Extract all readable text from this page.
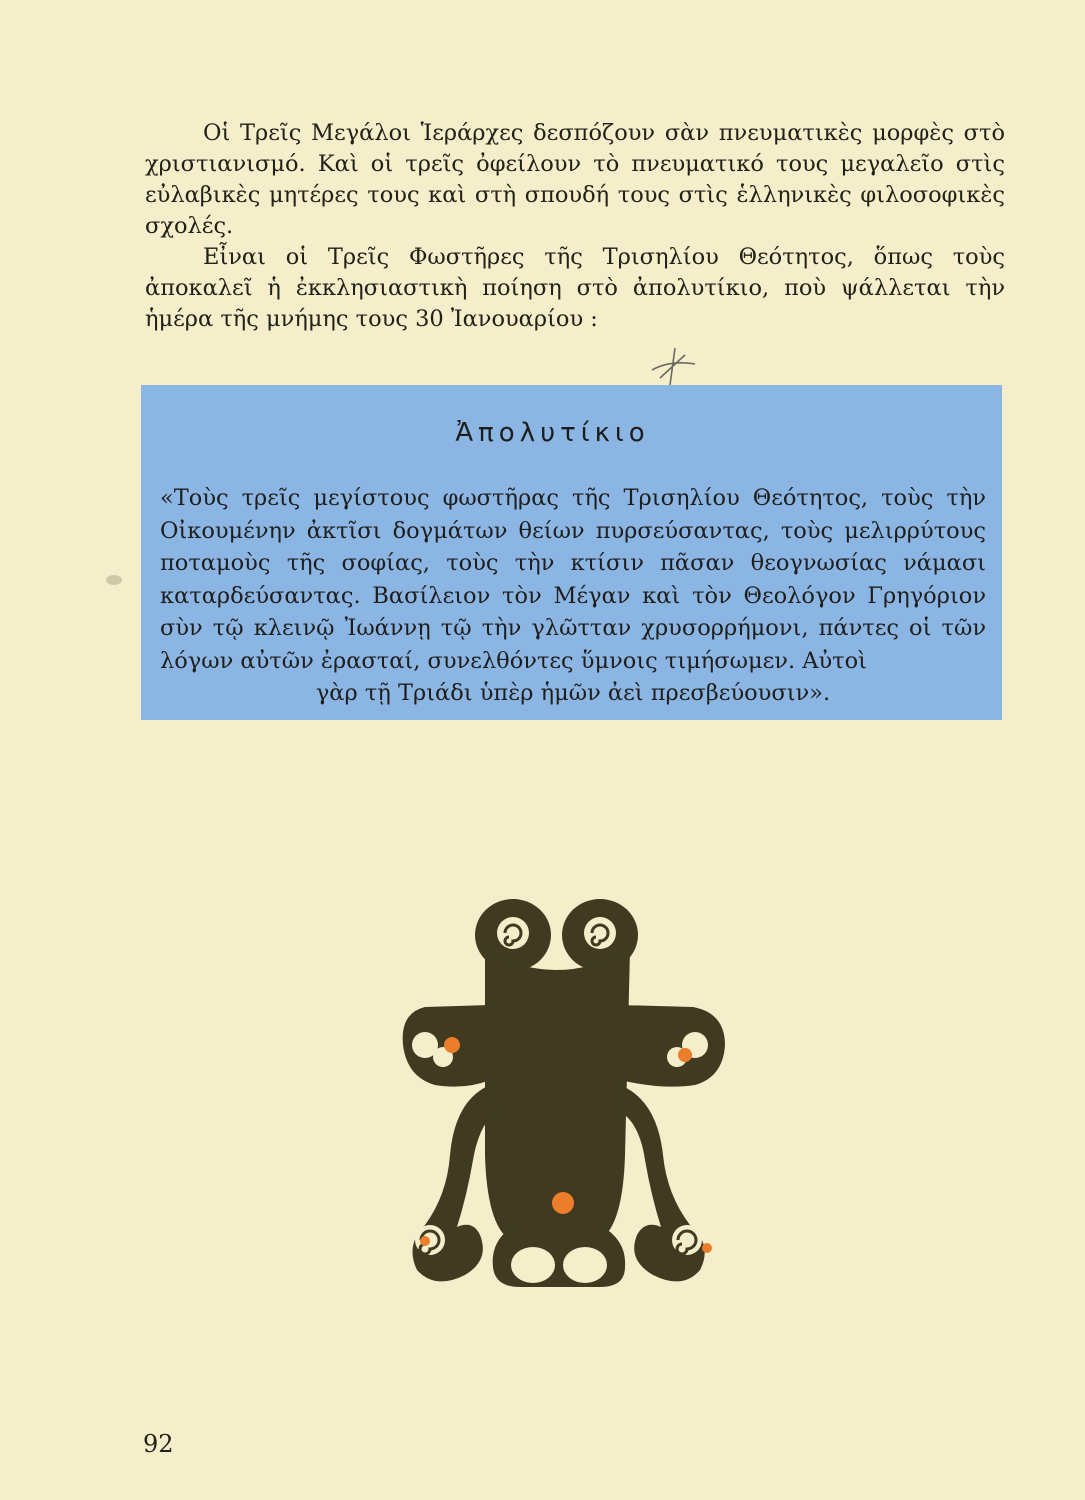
Οἱ Τρεῖς Μεγάλοι Ἱεράρχες δεσπόζουν σὰν πνευματικὲς μορφὲς στὸ χριστιανισμό. Καὶ οἱ τρεῖς ὀφείλουν τὸ πνευματικό τους μεγαλεῖο στὶς εὐλαβικὲς μητέρες τους καὶ στὴ σπουδή τους στὶς ἑλληνικὲς φιλοσοφικὲς σχολές.

Εἶναι οἱ Τρεῖς Φωστῆρες τῆς Τρισηλίου Θεότητος, ὅπως τοὺς ἀποκαλεῖ ἡ ἐκκλησιαστικὴ ποίηση στὸ ἀπολυτίκιο, ποὺ ψάλλεται τὴν ἡμέρα τῆς μνήμης τους 30 Ἰανουαρίου :

Ἀπολυτίκιο

«Τοὺς τρεῖς μεγίστους φωστῆρας τῆς Τρισηλίου Θεότητος, τοὺς τὴν Οἰκουμένην ἀκτῖσι δογμάτων θείων πυρσεύσαντας, τοὺς μελιρρύτους ποταμοὺς τῆς σοφίας, τοὺς τὴν κτίσιν πᾶσαν θεογνωσίας νάμασι καταρδεύσαντας. Βασίλειον τὸν Μέγαν καὶ τὸν Θεολόγον Γρηγόριον σὺν τῷ κλεινῷ Ἰωάννῃ τῷ τὴν γλῶτταν χρυσορρήμονι, πάντες οἱ τῶν λόγων αὐτῶν ἐρασταί, συνελθόντες ὕμνοις τιμήσωμεν. Αὐτοὶ

γὰρ τῇ Τριάδι ὑπὲρ ἡμῶν ἀεὶ πρεσβεύουσιν».

92
